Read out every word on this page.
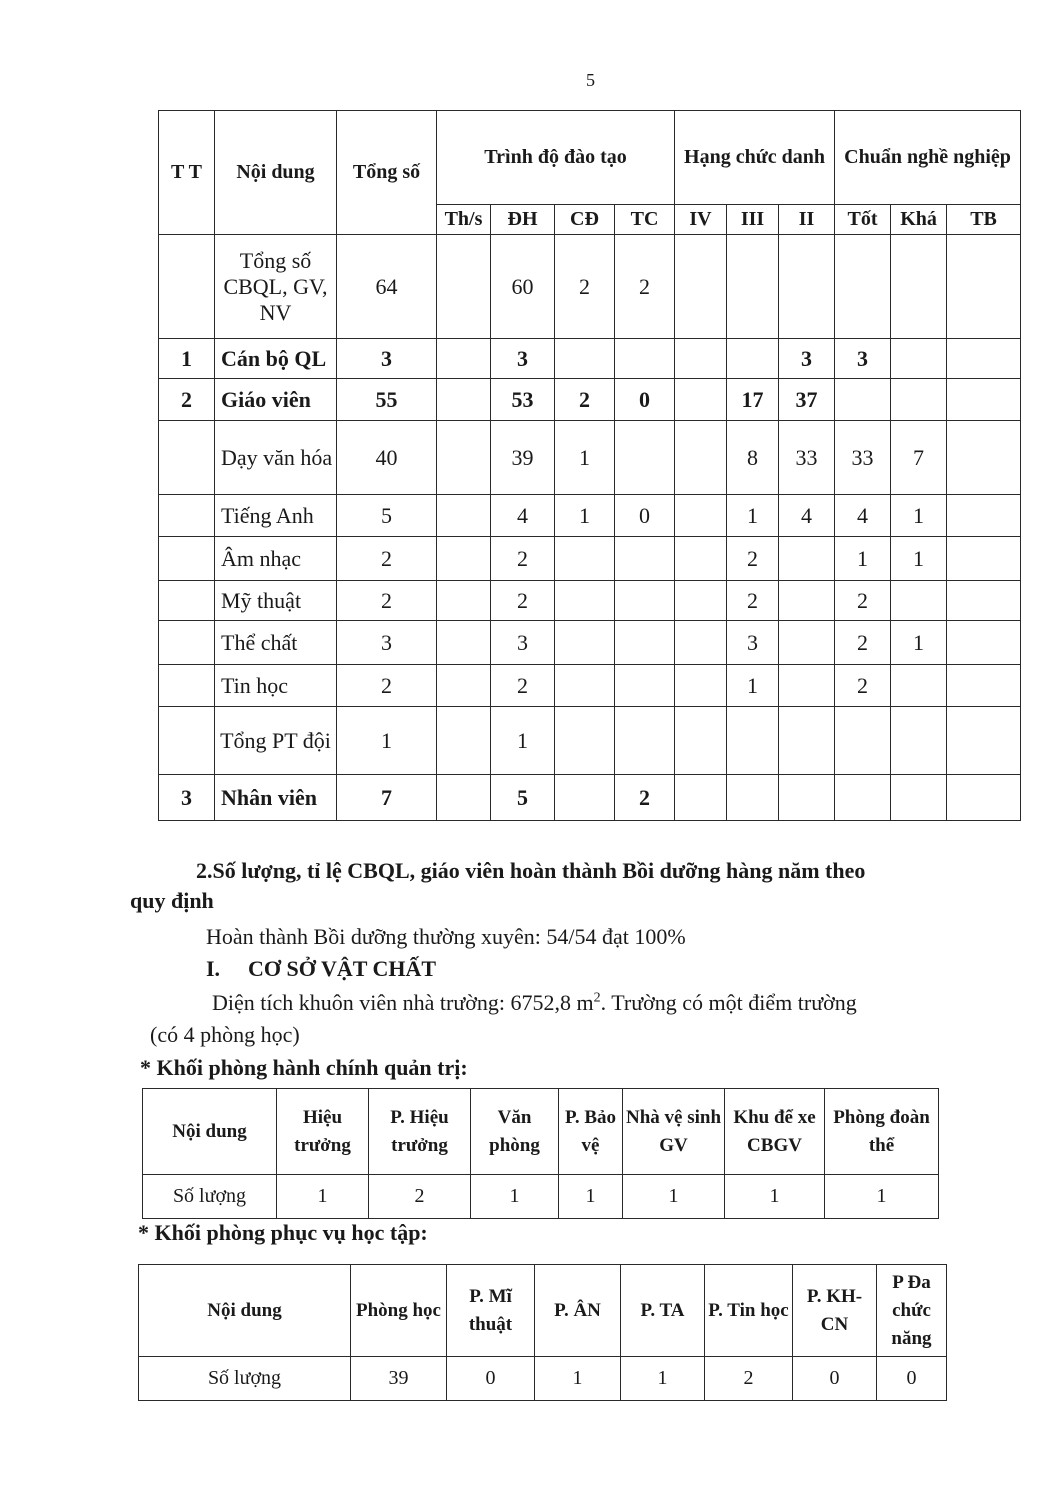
5
T T	Nội dung	Tổng số	Trình độ đào tạo				Hạng chức danh			Chuẩn nghề nghiệp		
			Th/s	ĐH	CĐ	TC	IV	III	II	Tốt	Khá	TB
	Tổng số CBQL, GV, NV	64		60	2	2						
1	Cán bộ QL	3		3					3	3		
2	Giáo viên	55		53	2	0		17	37			
	Dạy văn hóa	40		39	1			8	33	33	7	
	Tiếng Anh	5		4	1	0		1	4	4	1	
	Âm nhạc	2		2				2		1	1	
	Mỹ thuật	2		2				2		2		
	Thể chất	3		3				3		2	1	
	Tin học	2		2				1		2		
	Tổng PT đội	1		1								
3	Nhân viên	7		5		2						

2.Số lượng, tỉ lệ CBQL, giáo viên hoàn thành Bồi dưỡng hàng năm theo

quy định

Hoàn thành Bồi dưỡng thường xuyên: 54/54 đạt 100%

I. CƠ SỞ VẬT CHẤT

Diện tích khuôn viên nhà trường: 6752,8 $m^2$. Trường có một điểm trường

(có 4 phòng học)

* Khối phòng hành chính quản trị:

Nội dung	Hiệu trưởng	P. Hiệu trưởng	Văn phòng	P. Bảo vệ	Nhà vệ sinh GV	Khu để xe CBGV	Phòng đoàn thể
Số lượng	1	2	1	1	1	1	1

* Khối phòng phục vụ học tập:

Nội dung	Phòng học	P. Mĩ thuật	P. ÂN	P. TA	P. Tin học	P. KH-CN	P Đa chức năng
Số lượng	39	0	1	1	2	0	0
